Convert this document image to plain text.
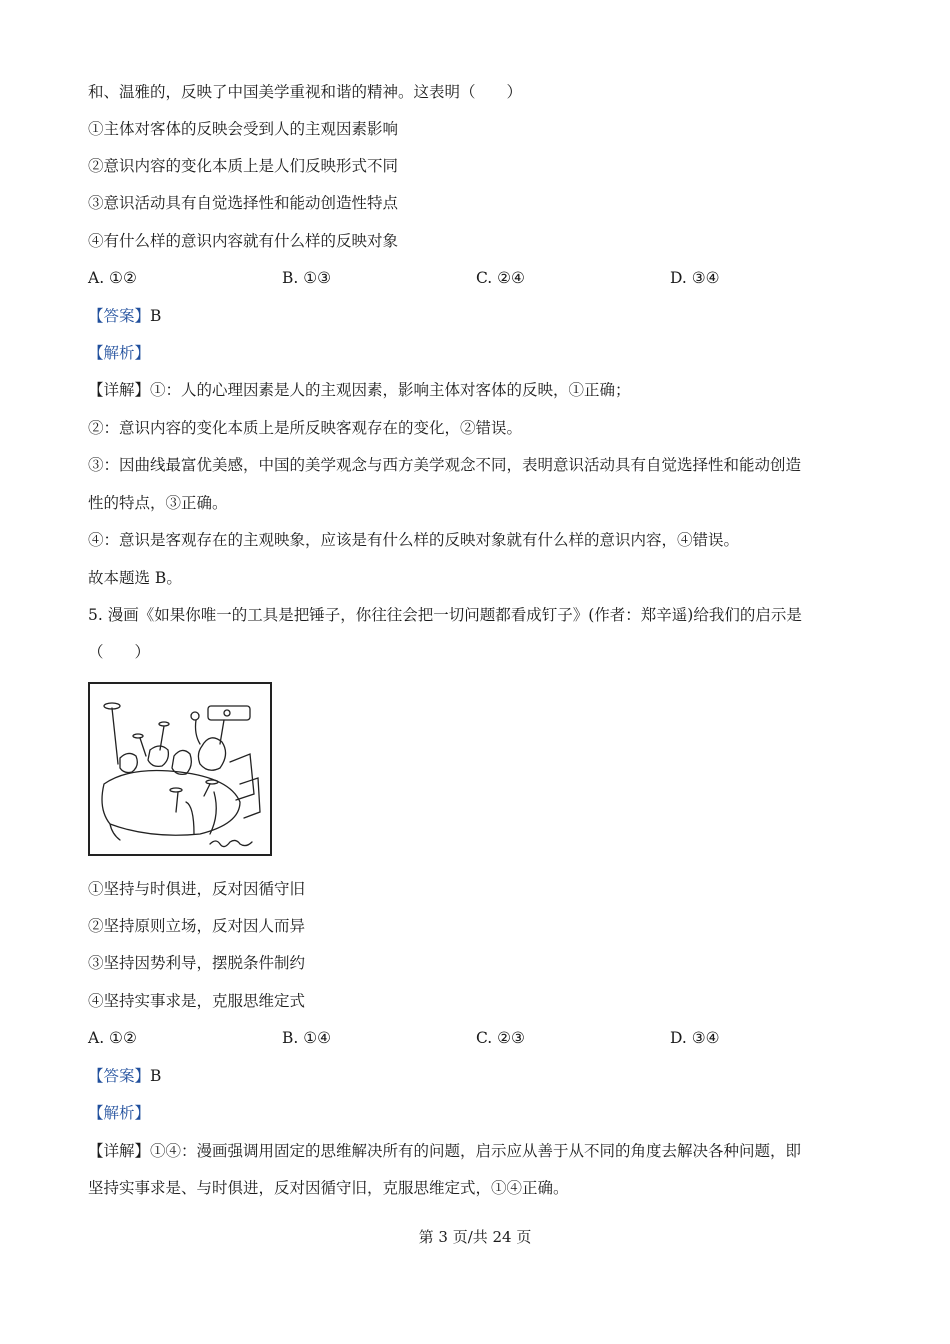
和、温雅的，反映了中国美学重视和谐的精神。这表明（　　）
①主体对客体的反映会受到人的主观因素影响
②意识内容的变化本质上是人们反映形式不同
③意识活动具有自觉选择性和能动创造性特点
④有什么样的意识内容就有什么样的反映对象
A. ①②	B. ①③	C. ②④	D. ③④
【答案】B
【解析】
【详解】①：人的心理因素是人的主观因素，影响主体对客体的反映，①正确；
②：意识内容的变化本质上是所反映客观存在的变化，②错误。
③：因曲线最富优美感，中国的美学观念与西方美学观念不同，表明意识活动具有自觉选择性和能动创造
性的特点，③正确。
④：意识是客观存在的主观映象，应该是有什么样的反映对象就有什么样的意识内容，④错误。
故本题选 B。
5. 漫画《如果你唯一的工具是把锤子，你往往会把一切问题都看成钉子》(作者：郑辛遥)给我们的启示是
（　　）
①坚持与时俱进，反对因循守旧
②坚持原则立场，反对因人而异
③坚持因势利导，摆脱条件制约
④坚持实事求是，克服思维定式
A. ①②	B. ①④	C. ②③	D. ③④
【答案】B
【解析】
【详解】①④：漫画强调用固定的思维解决所有的问题，启示应从善于从不同的角度去解决各种问题，即
坚持实事求是、与时俱进，反对因循守旧，克服思维定式，①④正确。
第 3 页/共 24 页
